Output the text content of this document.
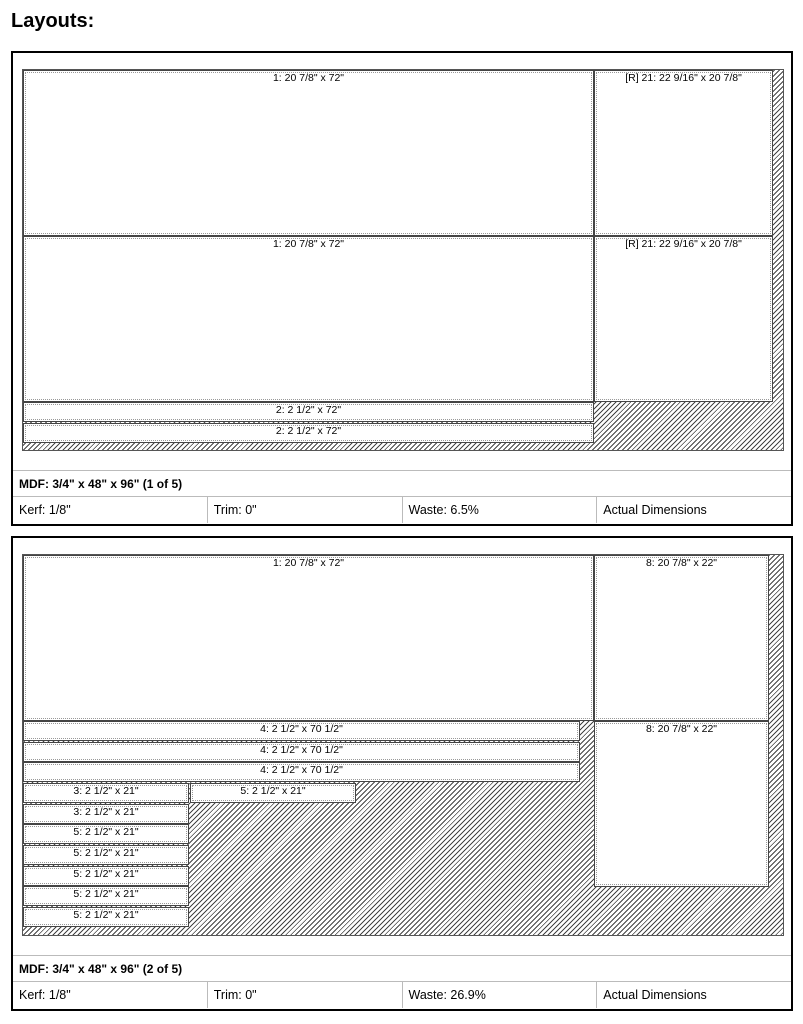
Layouts:
1: 20 7/8" x 72"	[R] 21: 22 9/16" x 20 7/8"
1: 20 7/8" x 72"	[R] 21: 22 9/16" x 20 7/8"
2: 2 1/2" x 72"
2: 2 1/2" x 72"
MDF: 3/4" x 48" x 96" (1 of 5)
Kerf: 1/8"	Trim: 0"	Waste: 6.5%	Actual Dimensions
1: 20 7/8" x 72"	8: 20 7/8" x 22"
4: 2 1/2" x 70 1/2"	8: 20 7/8" x 22"
4: 2 1/2" x 70 1/2"
4: 2 1/2" x 70 1/2"
3: 2 1/2" x 21"	5: 2 1/2" x 21"
3: 2 1/2" x 21"
5: 2 1/2" x 21"
5: 2 1/2" x 21"
5: 2 1/2" x 21"
5: 2 1/2" x 21"
5: 2 1/2" x 21"
MDF: 3/4" x 48" x 96" (2 of 5)
Kerf: 1/8"	Trim: 0"	Waste: 26.9%	Actual Dimensions
